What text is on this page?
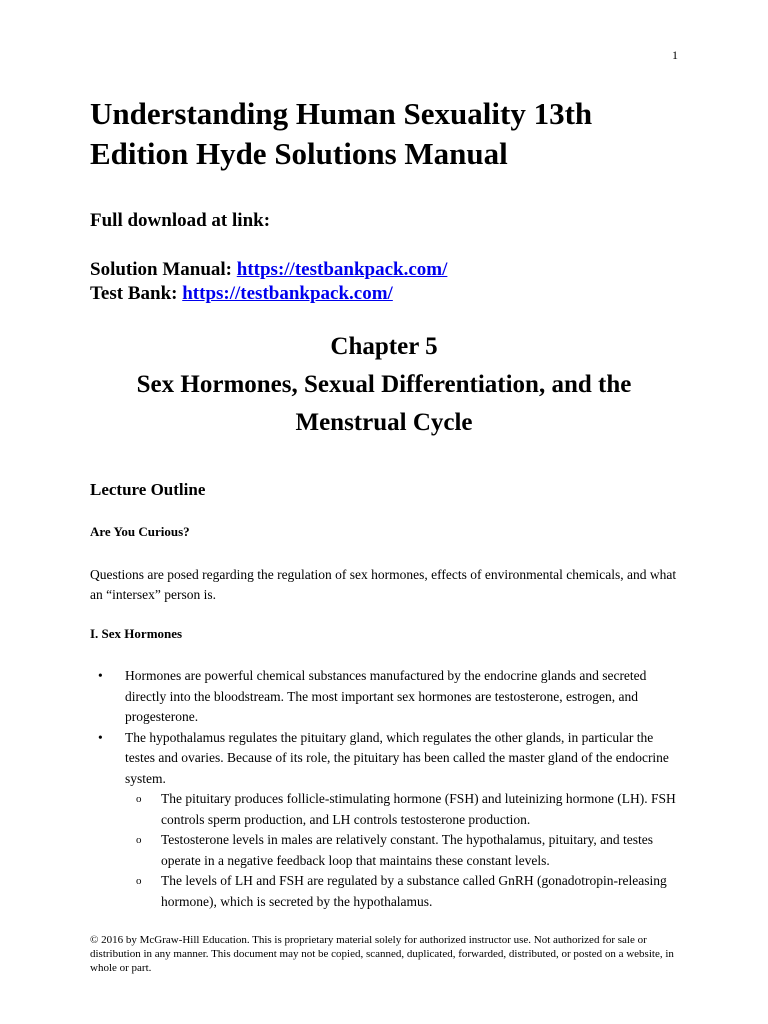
1
Understanding Human Sexuality 13th Edition Hyde Solutions Manual
Full download at link:
Solution Manual: https://testbankpack.com/
Test Bank: https://testbankpack.com/
Chapter 5
Sex Hormones, Sexual Differentiation, and the
Menstrual Cycle
Lecture Outline
Are You Curious?
Questions are posed regarding the regulation of sex hormones, effects of environmental chemicals, and what an “intersex” person is.
I. Sex Hormones

• Hormones are powerful chemical substances manufactured by the endocrine glands and secreted directly into the bloodstream. The most important sex hormones are testosterone, estrogen, and progesterone.

• The hypothalamus regulates the pituitary gland, which regulates the other glands, in particular the testes and ovaries. Because of its role, the pituitary has been called the master gland of the endocrine system.

o The pituitary produces follicle-stimulating hormone (FSH) and luteinizing hormone (LH). FSH controls sperm production, and LH controls testosterone production.

o Testosterone levels in males are relatively constant. The hypothalamus, pituitary, and testes operate in a negative feedback loop that maintains these constant levels.

o The levels of LH and FSH are regulated by a substance called GnRH (gonadotropin-releasing hormone), which is secreted by the hypothalamus.

© 2016 by McGraw-Hill Education. This is proprietary material solely for authorized instructor use. Not authorized for sale or distribution in any manner. This document may not be copied, scanned, duplicated, forwarded, distributed, or posted on a website, in whole or part.
